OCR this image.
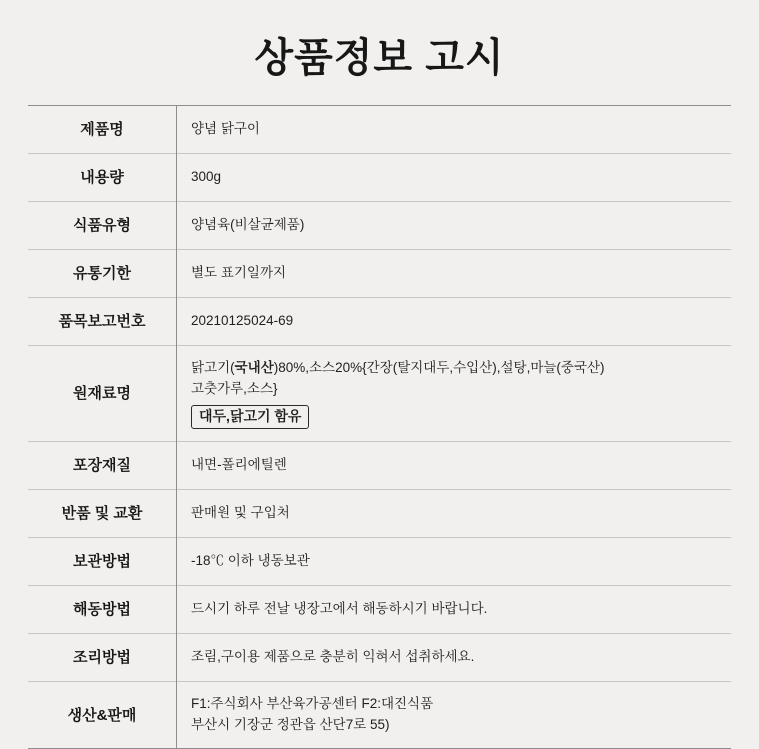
상품정보 고시
제품명	양념 닭구이
내용량	300g
식품유형	양념육(비살균제품)
유통기한	별도 표기일까지
품목보고번호	20210125024-69
원재료명	닭고기(국내산)80%,소스20%{간장(탈지대두,수입산),설탕,마늘(중국산)
고춧가루,소스}
대두,닭고기 함유
포장재질	내면-폴리에틸렌
반품 및 교환	판매원 및 구입처
보관방법	-18℃ 이하 냉동보관
해동방법	드시기 하루 전날 냉장고에서 해동하시기 바랍니다.
조리방법	조림,구이용 제품으로 충분히 익혀서 섭취하세요.
생산&판매	F1:주식회사 부산육가공센터 F2:대진식품
부산시 기장군 정관읍 산단7로 55)
